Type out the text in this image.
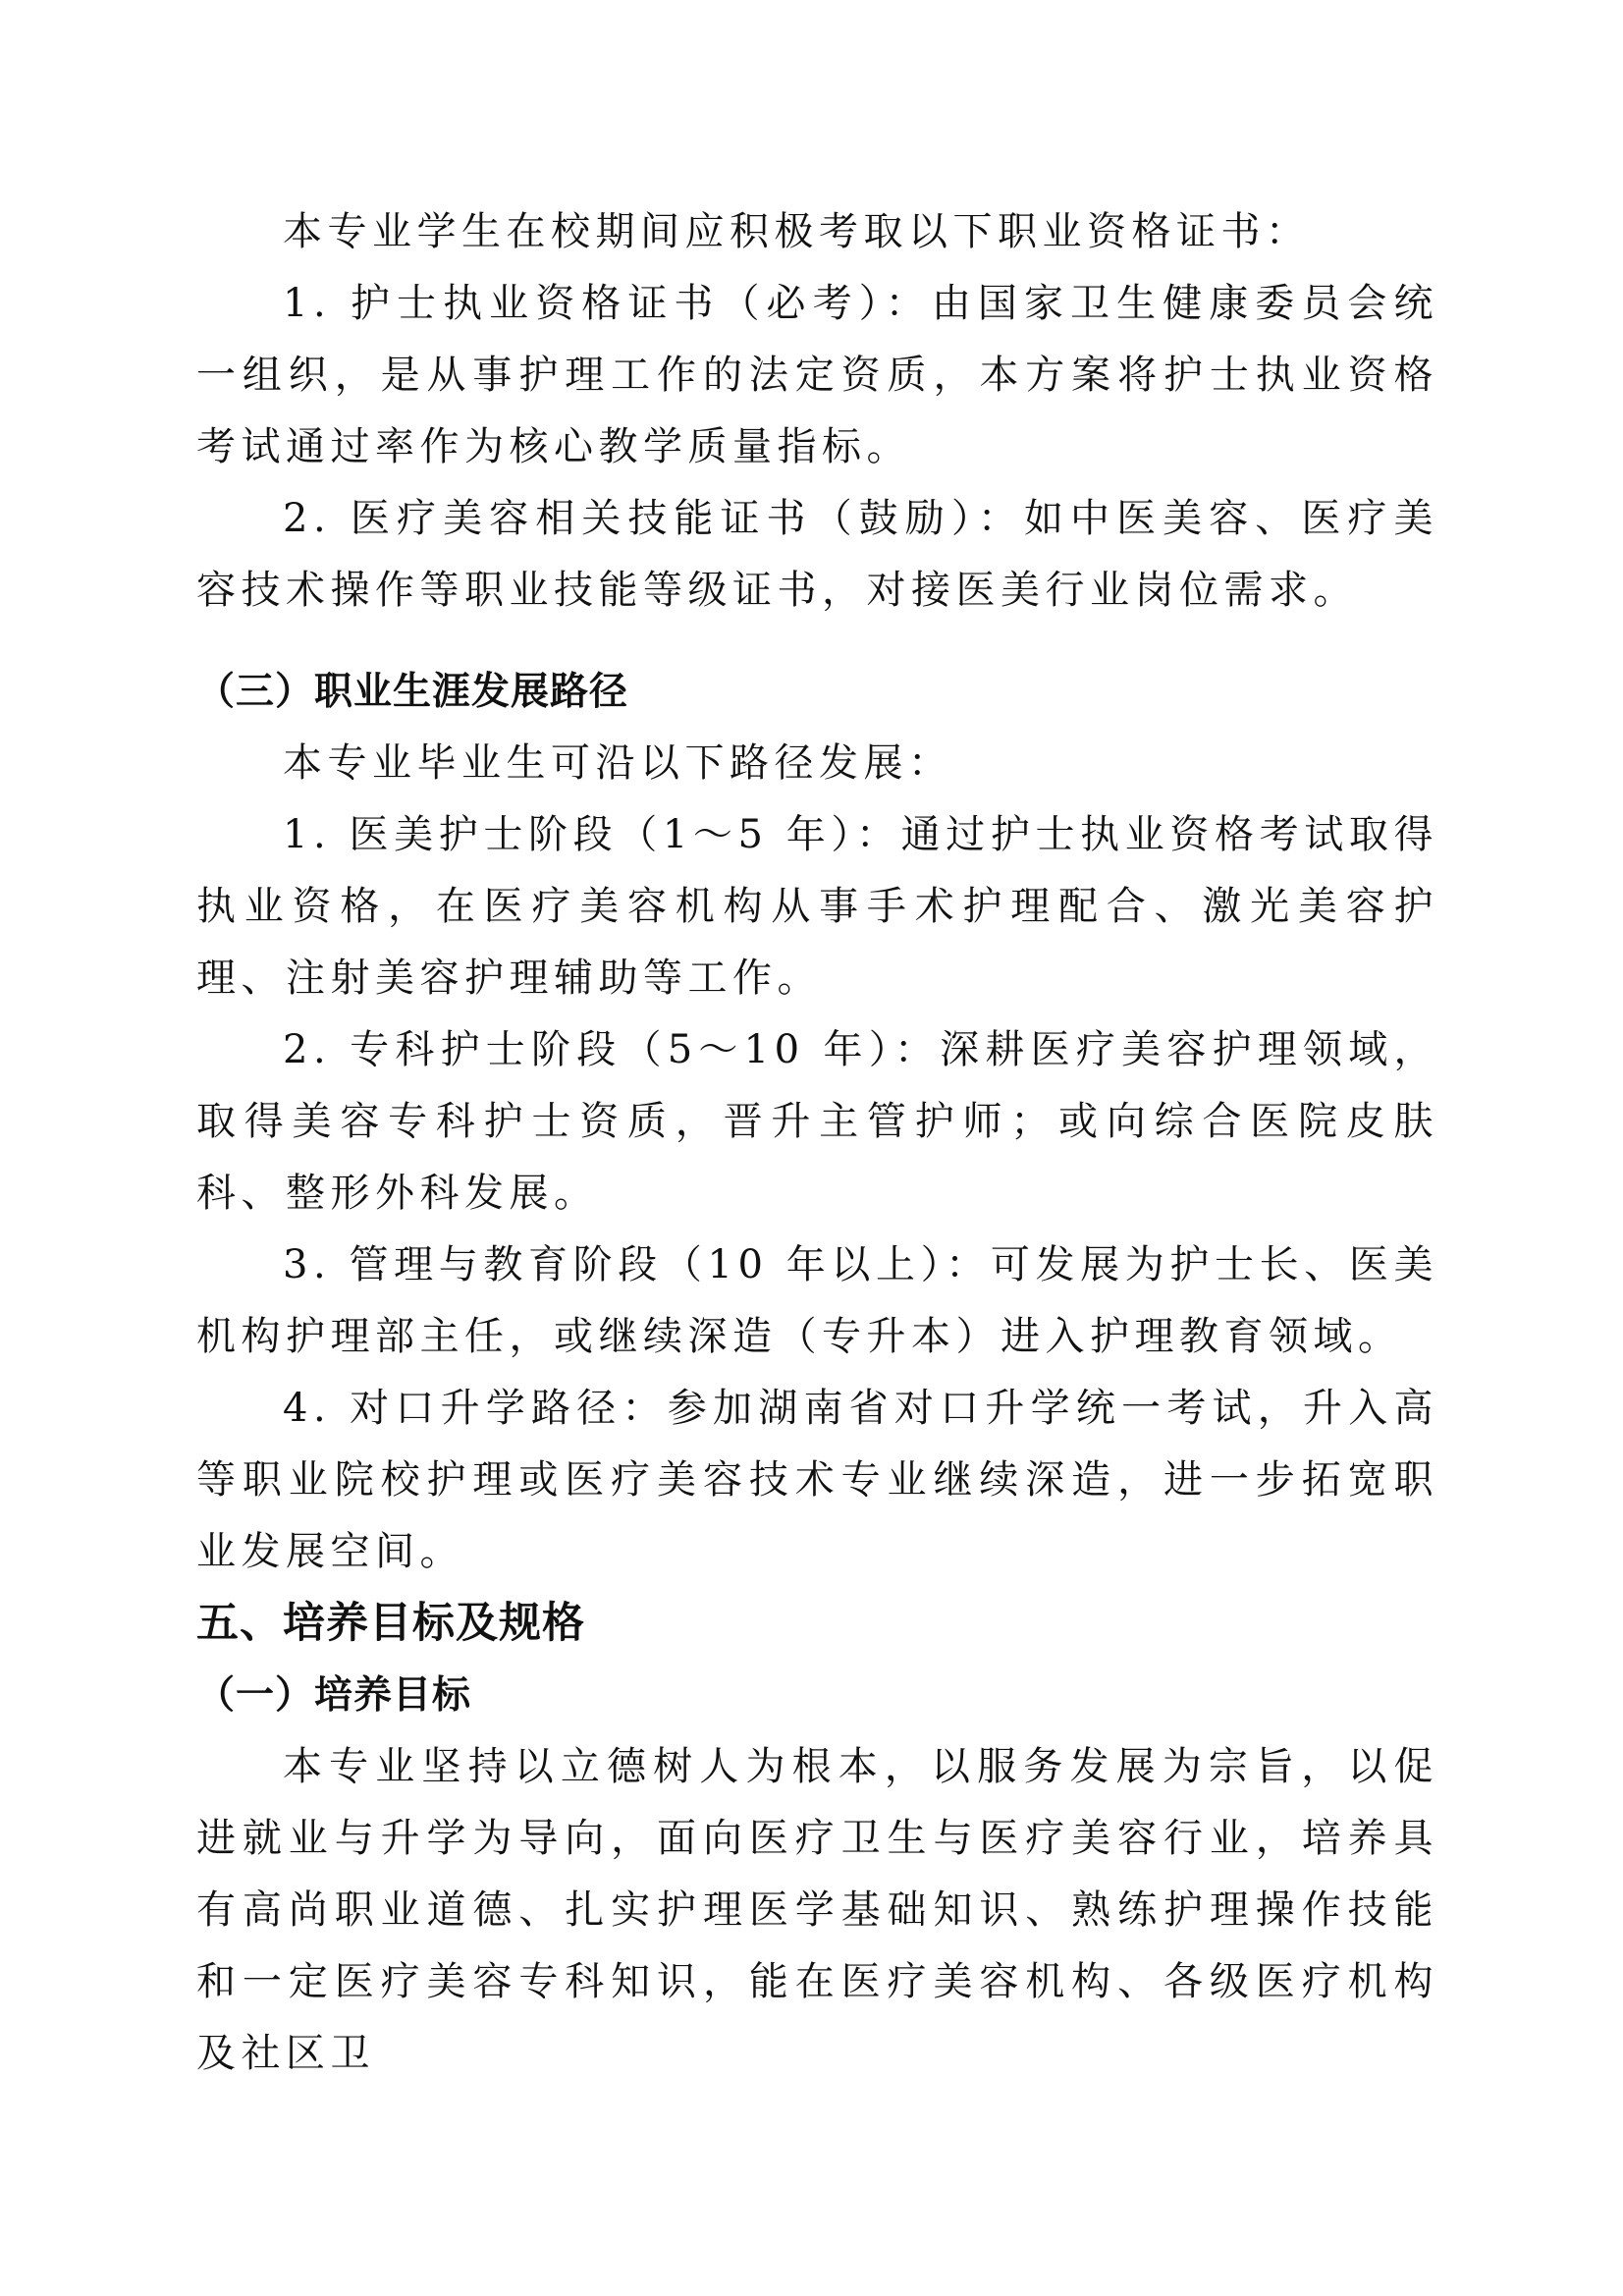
本专业学生在校期间应积极考取以下职业资格证书：

1. 护士执业资格证书（必考）：由国家卫生健康委员会统一组织，是从事护理工作的法定资质，本方案将护士执业资格考试通过率作为核心教学质量指标。

2. 医疗美容相关技能证书（鼓励）：如中医美容、医疗美容技术操作等职业技能等级证书，对接医美行业岗位需求。

（三）职业生涯发展路径

本专业毕业生可沿以下路径发展：

1. 医美护士阶段（1～5 年）：通过护士执业资格考试取得执业资格，在医疗美容机构从事手术护理配合、激光美容护理、注射美容护理辅助等工作。

2. 专科护士阶段（5～10 年）：深耕医疗美容护理领域，取得美容专科护士资质，晋升主管护师；或向综合医院皮肤科、整形外科发展。

3. 管理与教育阶段（10 年以上）：可发展为护士长、医美机构护理部主任，或继续深造（专升本）进入护理教育领域。

4. 对口升学路径：参加湖南省对口升学统一考试，升入高等职业院校护理或医疗美容技术专业继续深造，进一步拓宽职业发展空间。

五、培养目标及规格

（一）培养目标

本专业坚持以立德树人为根本，以服务发展为宗旨，以促进就业与升学为导向，面向医疗卫生与医疗美容行业，培养具有高尚职业道德、扎实护理医学基础知识、熟练护理操作技能和一定医疗美容专科知识，能在医疗美容机构、各级医疗机构及社区卫
